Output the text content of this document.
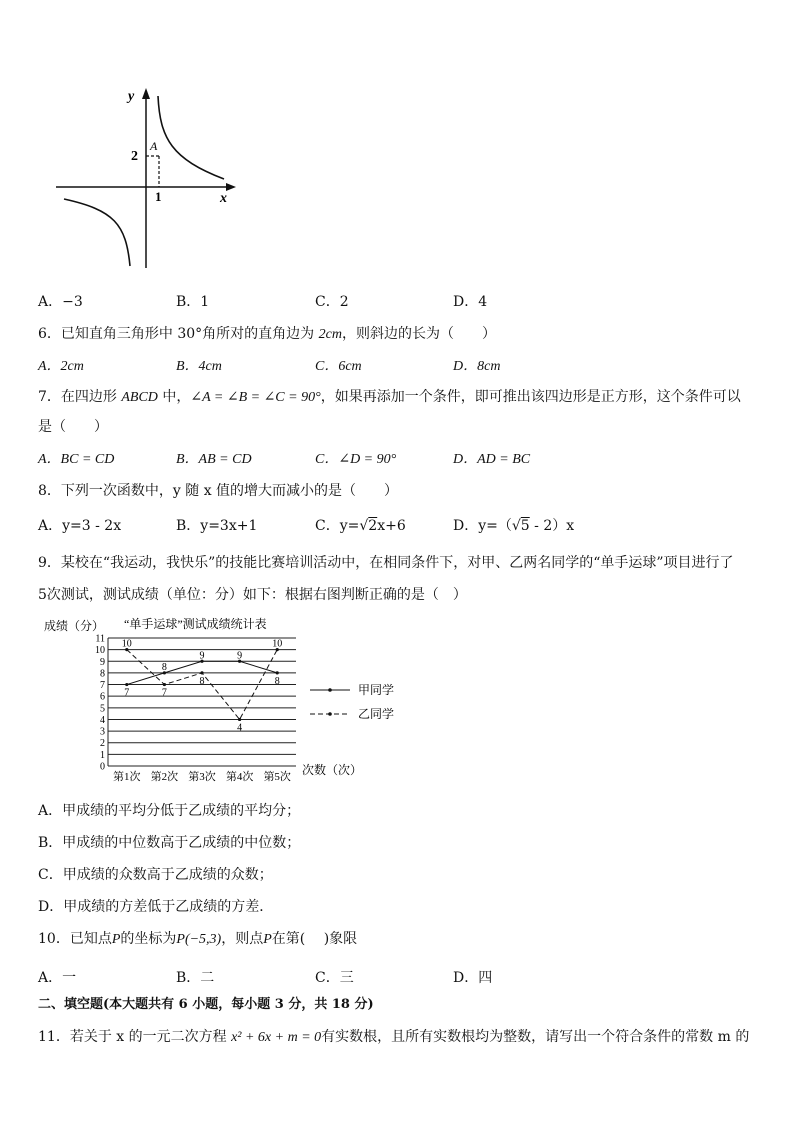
y
x
2
1
A
A．−3	B．1	C．2	D．4
6．已知直角三角形中 30°角所对的直角边为 2cm，则斜边的长为（　　）
A．2cm	B．4cm	C．6cm	D．8cm
7．在四边形 ABCD 中，∠A = ∠B = ∠C = 90°，如果再添加一个条件，即可推出该四边形是正方形，这个条件可以
是（　　）
A．BC = CD	B．AB = CD	C．∠D = 90°	D．AD = BC
8．下列一次函数中，y 随 x 值的增大而减小的是（　　）
A．y=3 - 2x	B．y=3x+1	C．y=√2x+6	D．y=（√5 - 2）x
9．某校在“我运动，我快乐”的技能比赛培训活动中，在相同条件下，对甲、乙两名同学的“单手运球”项目进行了
5次测试，测试成绩（单位：分）如下：根据右图判断正确的是（　）
成绩（分） “单手运球”测试成绩统计表
次数（次）
0
1
2
3
4
5
6
7
8
9
10
11
第1次 第2次 第3次 第4次 第5次
7
8
9	9
8
10
7
8
4
10
甲同学
乙同学
A．甲成绩的平均分低于乙成绩的平均分；
B．甲成绩的中位数高于乙成绩的中位数；
C．甲成绩的众数高于乙成绩的众数；
D．甲成绩的方差低于乙成绩的方差．
10．已知点P的坐标为P(−5,3)，则点P在第(　 )象限
A．一	B．二	C．三	D．四
二、填空题(本大题共有 6 小题，每小题 3 分，共 18 分)
11．若关于 x 的一元二次方程 x² + 6x + m = 0有实数根，且所有实数根均为整数，请写出一个符合条件的常数 m 的
